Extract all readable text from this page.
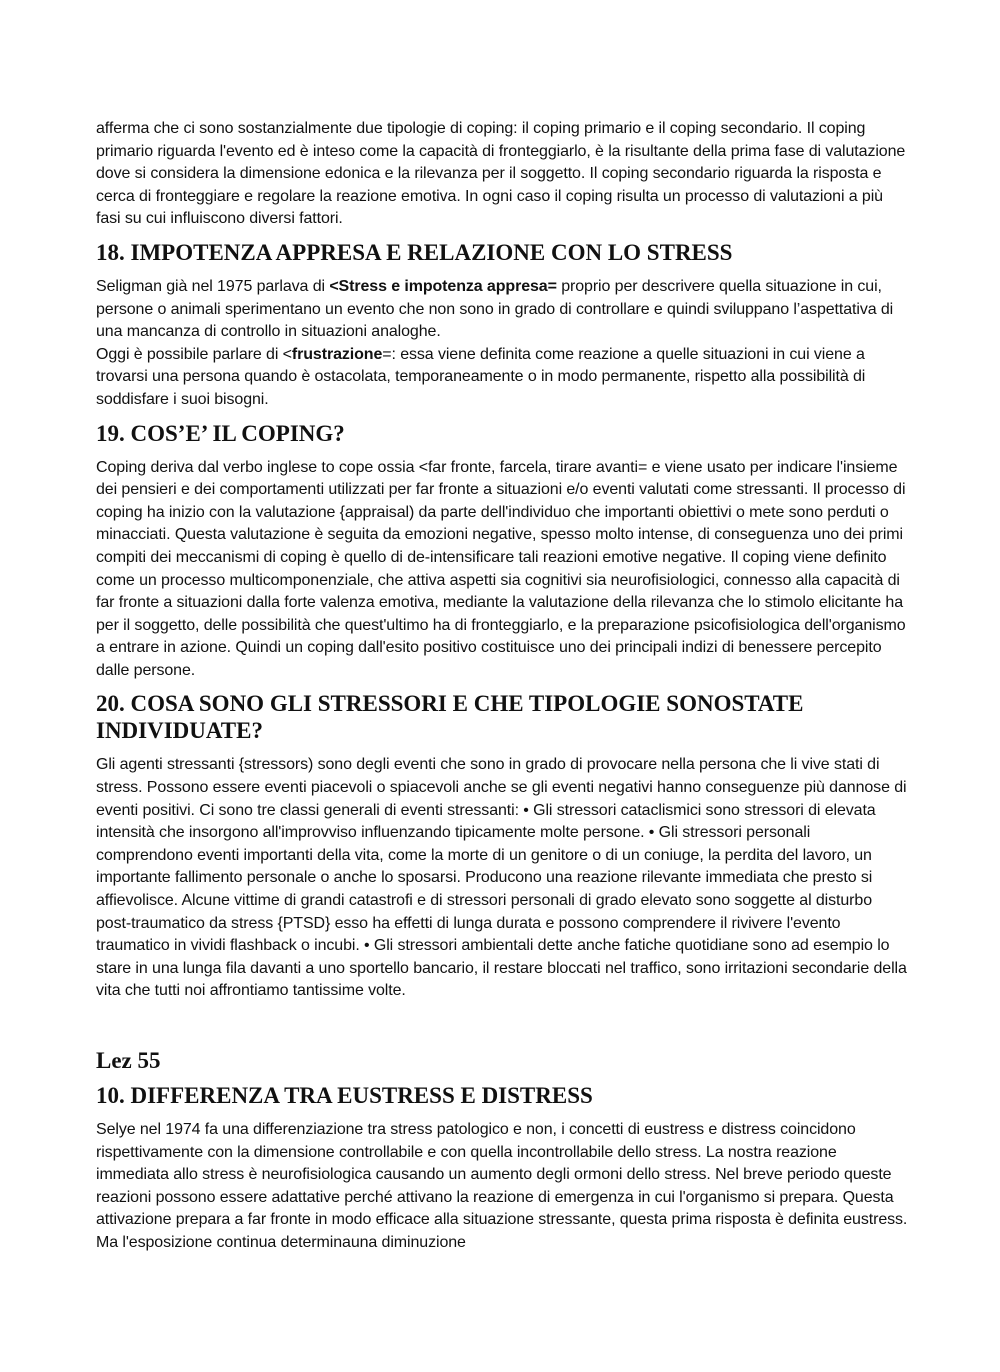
afferma che ci sono sostanzialmente due tipologie di coping: il coping primario e il coping secondario. Il coping primario riguarda l'evento ed è inteso come la capacità di fronteggiarlo, è la risultante della prima fase di valutazione dove si considera la dimensione edonica e la rilevanza per il soggetto. Il coping secondario riguarda la risposta e cerca di fronteggiare e regolare la reazione emotiva. In ogni caso il coping risulta un processo di valutazioni a più fasi su cui influiscono diversi fattori.

18. IMPOTENZA APPRESA E RELAZIONE CON LO STRESS

Seligman già nel 1975 parlava di <Stress e impotenza appresa= proprio per descrivere quella situazione in cui, persone o animali sperimentano un evento che non sono in grado di controllare e quindi sviluppano l’aspettativa di una mancanza di controllo in situazioni analoghe.

Oggi è possibile parlare di <frustrazione=: essa viene definita come reazione a quelle situazioni in cui viene a trovarsi una persona quando è ostacolata, temporaneamente o in modo permanente, rispetto alla possibilità di soddisfare i suoi bisogni.

19. COS’E’ IL COPING?

Coping deriva dal verbo inglese to cope ossia <far fronte, farcela, tirare avanti= e viene usato per indicare l'insieme dei pensieri e dei comportamenti utilizzati per far fronte a situazioni e/o eventi valutati come stressanti. Il processo di coping ha inizio con la valutazione {appraisal) da parte dell'individuo che importanti obiettivi o mete sono perduti o minacciati. Questa valutazione è seguita da emozioni negative, spesso molto intense, di conseguenza uno dei primi compiti dei meccanismi di coping è quello di de-intensificare tali reazioni emotive negative. Il coping viene definito come un processo multicomponenziale, che attiva aspetti sia cognitivi sia neurofisiologici, connesso alla capacità di far fronte a situazioni dalla forte valenza emotiva, mediante la valutazione della rilevanza che lo stimolo elicitante ha per il soggetto, delle possibilità che quest'ultimo ha di fronteggiarlo, e la preparazione psicofisiologica dell'organismo a entrare in azione. Quindi un coping dall'esito positivo costituisce uno dei principali indizi di benessere percepito dalle persone.

20. COSA SONO GLI STRESSORI E CHE TIPOLOGIE SONOSTATE INDIVIDUATE?

Gli agenti stressanti {stressors) sono degli eventi che sono in grado di provocare nella persona che li vive stati di stress. Possono essere eventi piacevoli o spiacevoli anche se gli eventi negativi hanno conseguenze più dannose di eventi positivi. Ci sono tre classi generali di eventi stressanti: • Gli stressori cataclismici sono stressori di elevata intensità che insorgono all'improvviso influenzando tipicamente molte persone. • Gli stressori personali comprendono eventi importanti della vita, come la morte di un genitore o di un coniuge, la perdita del lavoro, un importante fallimento personale o anche lo sposarsi. Producono una reazione rilevante immediata che presto si affievolisce. Alcune vittime di grandi catastrofi e di stressori personali di grado elevato sono soggette al disturbo post-traumatico da stress {PTSD} esso ha effetti di lunga durata e possono comprendere il rivivere l'evento traumatico in vividi flashback o incubi. • Gli stressori ambientali dette anche fatiche quotidiane sono ad esempio lo stare in una lunga fila davanti a uno sportello bancario, il restare bloccati nel traffico, sono irritazioni secondarie della vita che tutti noi affrontiamo tantissime volte.

Lez 55
10. DIFFERENZA TRA EUSTRESS E DISTRESS

Selye nel 1974 fa una differenziazione tra stress patologico e non, i concetti di eustress e distress coincidono rispettivamente con la dimensione controllabile e con quella incontrollabile dello stress. La nostra reazione immediata allo stress è neurofisiologica causando un aumento degli ormoni dello stress. Nel breve periodo queste reazioni possono essere adattative perché attivano la reazione di emergenza in cui l'organismo si prepara. Questa attivazione prepara a far fronte in modo efficace alla situazione stressante, questa prima risposta è definita eustress. Ma l'esposizione continua determinauna diminuzione
